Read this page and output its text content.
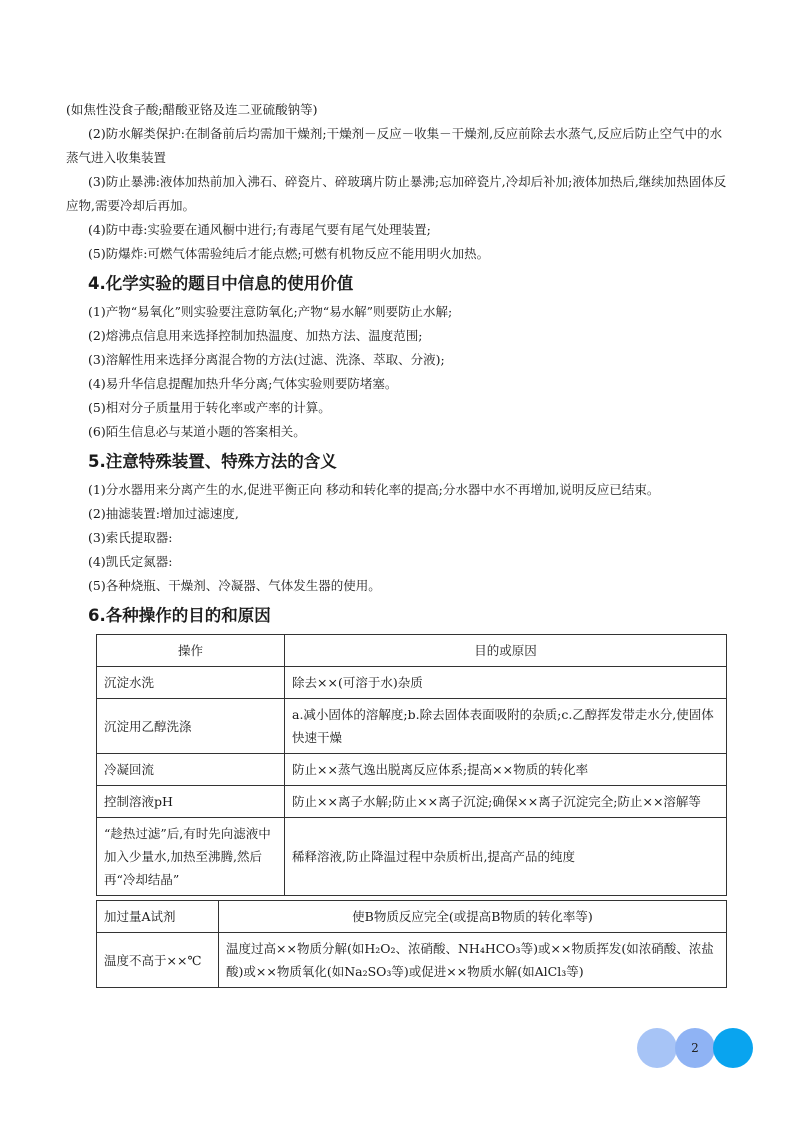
(如焦性没食子酸;醋酸亚铬及连二亚硫酸钠等)

(2)防水解类保护:在制备前后均需加干燥剂;干燥剂－反应－收集－干燥剂,反应前除去水蒸气,反应后防止空气中的水蒸气进入收集装置

(3)防止暴沸:液体加热前加入沸石、碎瓷片、碎玻璃片防止暴沸;忘加碎瓷片,冷却后补加;液体加热后,继续加热固体反应物,需要冷却后再加。

(4)防中毒:实验要在通风橱中进行;有毒尾气要有尾气处理装置;

(5)防爆炸:可燃气体需验纯后才能点燃;可燃有机物反应不能用明火加热。

4.化学实验的题目中信息的使用价值

(1)产物“易氧化”则实验要注意防氧化;产物“易水解”则要防止水解;

(2)熔沸点信息用来选择控制加热温度、加热方法、温度范围;

(3)溶解性用来选择分离混合物的方法(过滤、洗涤、萃取、分液);

(4)易升华信息提醒加热升华分离;气体实验则要防堵塞。

(5)相对分子质量用于转化率或产率的计算。

(6)陌生信息必与某道小题的答案相关。

5.注意特殊装置、特殊方法的含义

(1)分水器用来分离产生的水,促进平衡正向 移动和转化率的提高;分水器中水不再增加,说明反应已结束。

(2)抽滤装置:增加过滤速度,

(3)索氏提取器:

(4)凯氏定氮器:

(5)各种烧瓶、干燥剂、冷凝器、气体发生器的使用。

6.各种操作的目的和原因
操作	目的或原因
沉淀水洗	除去××(可溶于水)杂质
沉淀用乙醇洗涤	a.减小固体的溶解度;b.除去固体表面吸附的杂质;c.乙醇挥发带走水分,使固体快速干燥
冷凝回流	防止××蒸气逸出脱离反应体系;提高××物质的转化率
控制溶液pH	防止××离子水解;防止××离子沉淀;确保××离子沉淀完全;防止××溶解等
“趁热过滤”后,有时先向滤液中加入少量水,加热至沸腾,然后再“冷却结晶”	稀释溶液,防止降温过程中杂质析出,提高产品的纯度
加过量A试剂	使B物质反应完全(或提高B物质的转化率等)
温度不高于××℃	温度过高××物质分解(如H₂O₂、浓硝酸、NH₄HCO₃等)或××物质挥发(如浓硝酸、浓盐酸)或××物质氧化(如Na₂SO₃等)或促进××物质水解(如AlCl₃等)
2
